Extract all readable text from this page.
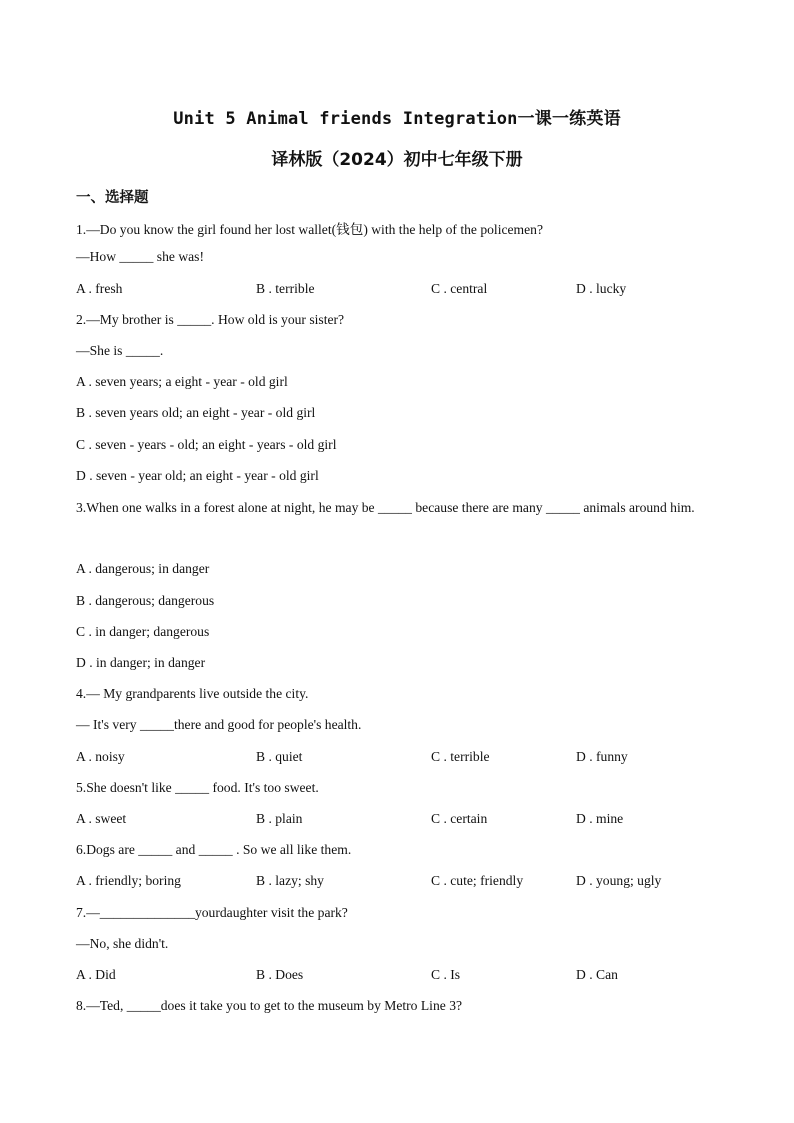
Unit 5 Animal friends Integration一课一练英语
译林版（2024）初中七年级下册
一、选择题
1.—Do you know the girl found her lost wallet(钱包) with the help of the policemen?
—How _____ she was!
A . fresh	B . terrible	C . central	D . lucky
2.—My brother is _____. How old is your sister?
—She is _____.
A . seven years; a eight - year - old girl
B . seven years old; an eight - year - old girl
C . seven - years - old; an eight - years - old girl
D . seven - year old; an eight - year - old girl
3.When one walks in a forest alone at night, he may be _____ because there are many _____ animals around him.
A . dangerous; in danger
B . dangerous; dangerous
C . in danger; dangerous
D . in danger; in danger
4.— My grandparents live outside the city.
— It's very _____there and good for people's health.
A . noisy	B . quiet	C . terrible	D . funny
5.She doesn't like _____ food. It's too sweet.
A . sweet	B . plain	C . certain	D . mine
6.Dogs are _____ and _____ . So we all like them.
A . friendly; boring	B . lazy; shy	C . cute; friendly	D . young; ugly
7.—______________yourdaughter visit the park?
—No, she didn't.
A . Did	B . Does	C . Is	D . Can
8.—Ted, _____does it take you to get to the museum by Metro Line 3?
